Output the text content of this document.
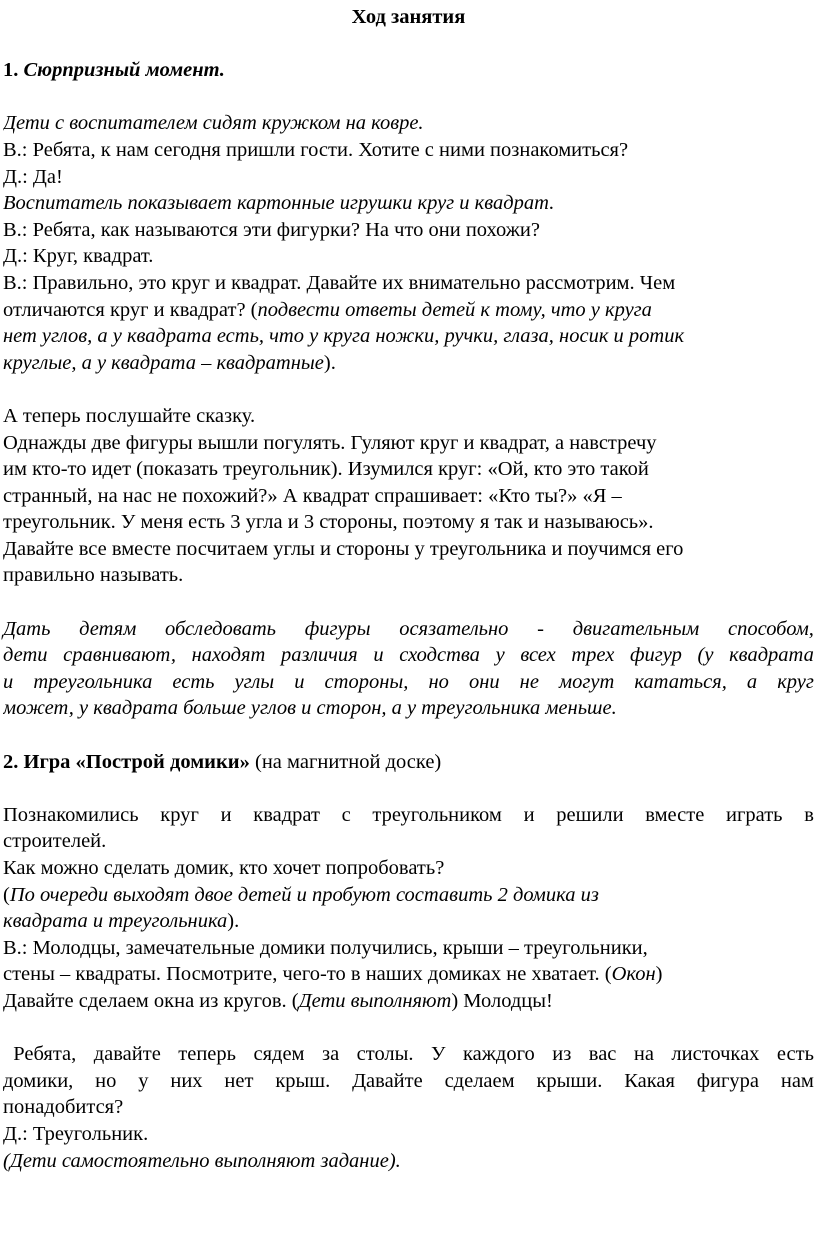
Ход занятия
1. Сюрпризный момент.
Дети с воспитателем сидят кружком на ковре.
В.: Ребята, к нам сегодня пришли гости. Хотите с ними познакомиться?
Д.: Да!
Воспитатель показывает картонные игрушки круг и квадрат.
В.: Ребята, как называются эти фигурки? На что они похожи?
Д.: Круг, квадрат.
В.: Правильно, это круг и квадрат. Давайте их внимательно рассмотрим. Чем
отличаются круг и квадрат? (подвести ответы детей к тому, что у круга
нет углов, а у квадрата есть, что у круга ножки, ручки, глаза, носик и ротик
круглые, а у квадрата – квадратные).
А теперь послушайте сказку.
Однажды две фигуры вышли погулять. Гуляют круг и квадрат, а навстречу
им кто-то идет (показать треугольник). Изумился круг: «Ой, кто это такой
странный, на нас не похожий?» А квадрат спрашивает: «Кто ты?» «Я –
треугольник. У меня есть 3 угла и 3 стороны, поэтому я так и называюсь».
Давайте все вместе посчитаем углы и стороны у треугольника и поучимся его
правильно называть.
Дать детям обследовать фигуры осязательно - двигательным способом,
дети сравнивают, находят различия и сходства у всех трех фигур (у квадрата
и треугольника есть углы и стороны, но они не могут кататься, а круг
может, у квадрата больше углов и сторон, а у треугольника меньше.
2. Игра «Построй домики» (на магнитной доске)
Познакомились круг и квадрат с треугольником и решили вместе играть в
строителей.
Как можно сделать домик, кто хочет попробовать?
(По очереди выходят двое детей и пробуют составить 2 домика из
квадрата и треугольника).
В.: Молодцы, замечательные домики получились, крыши – треугольники,
стены – квадраты. Посмотрите, чего-то в наших домиках не хватает. (Окон)
Давайте сделаем окна из кругов. (Дети выполняют) Молодцы!
Ребята, давайте теперь сядем за столы. У каждого из вас на листочках есть
домики, но у них нет крыш. Давайте сделаем крыши. Какая фигура нам
понадобится?
Д.: Треугольник.
(Дети самостоятельно выполняют задание).
